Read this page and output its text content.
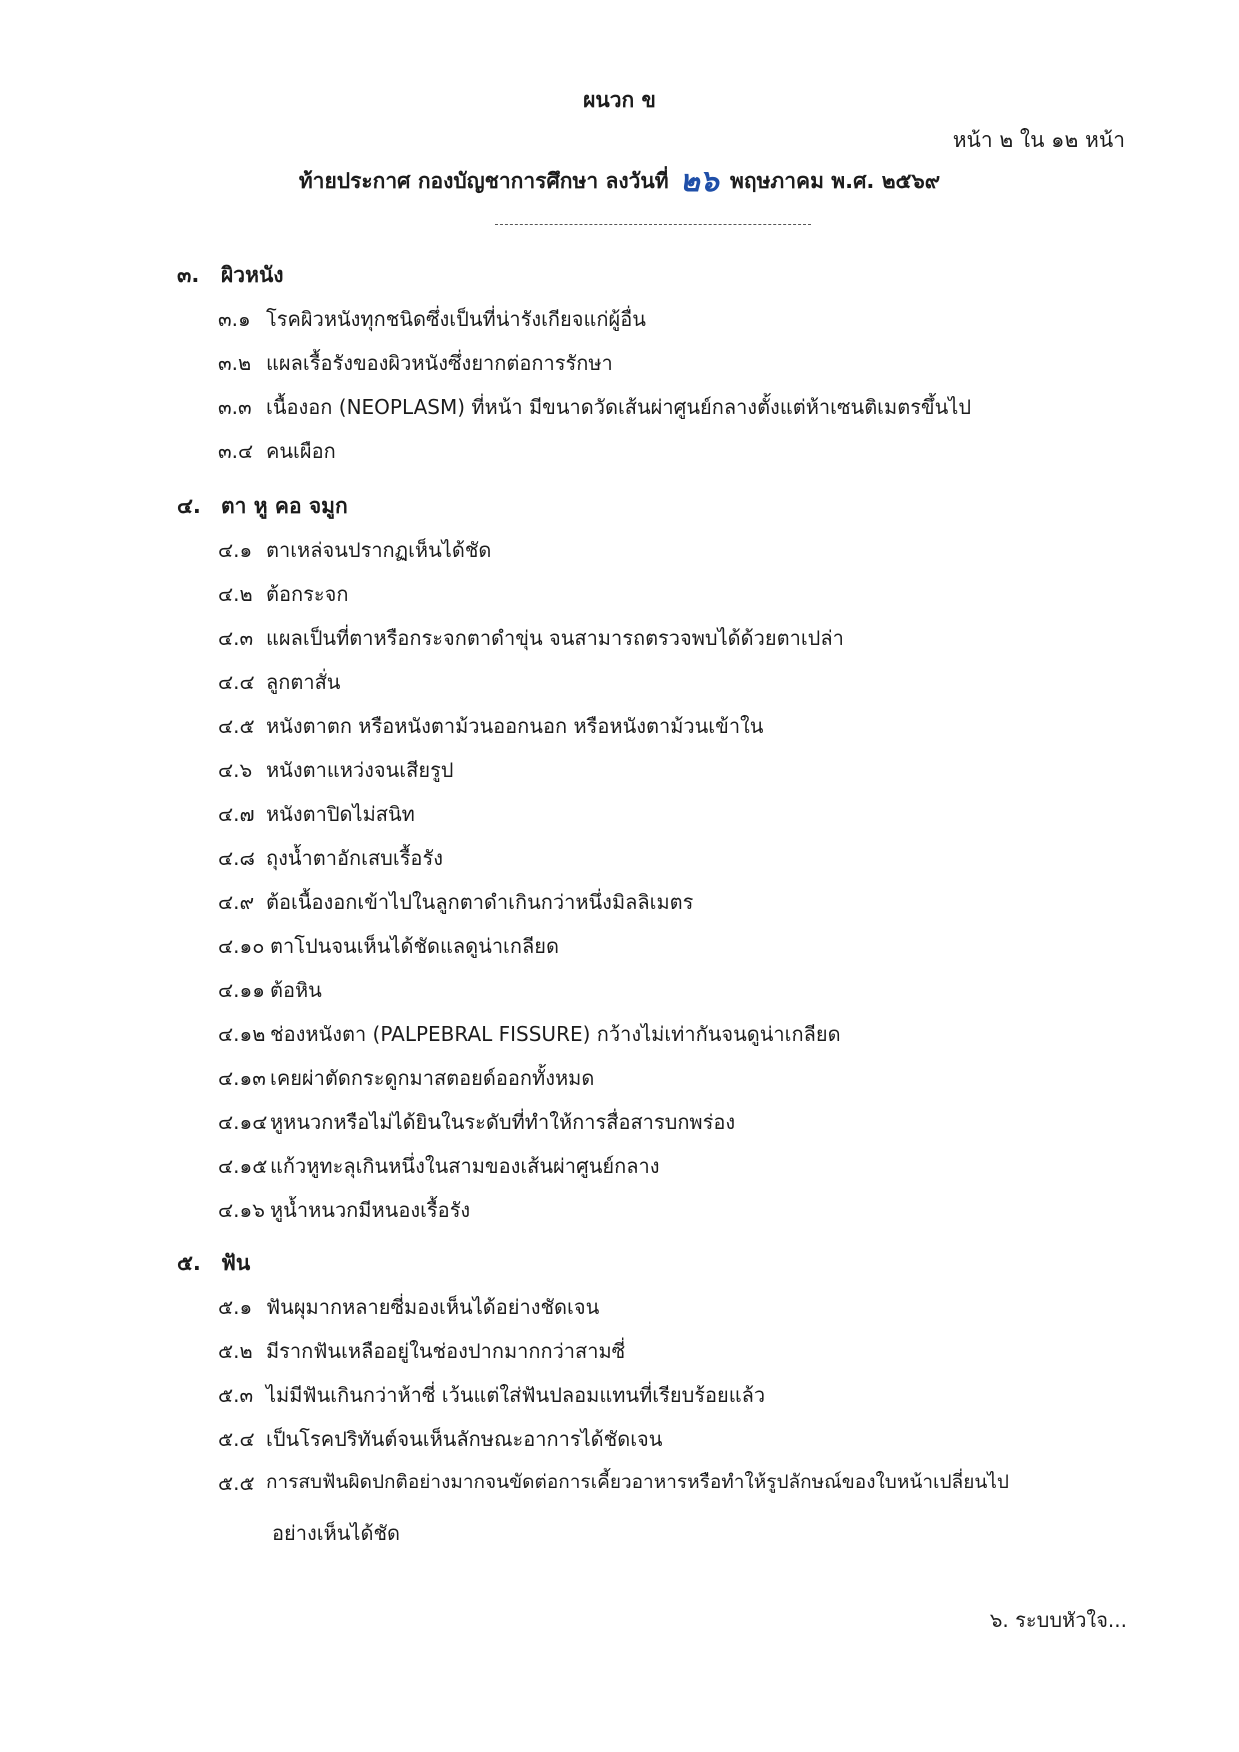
ผนวก ข
หน้า ๒ ใน ๑๒ หน้า
ท้ายประกาศ กองบัญชาการศึกษา ลงวันที่ ๒๖ พฤษภาคม พ.ศ. ๒๕๖๙
๓.	ผิวหนัง
๓.๑ โรคผิวหนังทุกชนิดซึ่งเป็นที่น่ารังเกียจแก่ผู้อื่น
๓.๒ แผลเรื้อรังของผิวหนังซึ่งยากต่อการรักษา
๓.๓ เนื้องอก (NEOPLASM) ที่หน้า มีขนาดวัดเส้นผ่าศูนย์กลางตั้งแต่ห้าเซนติเมตรขึ้นไป
๓.๔ คนเผือก
๔. ตา หู คอ จมูก
๔.๑ ตาเหล่จนปรากฏเห็นได้ชัด
๔.๒ ต้อกระจก
๔.๓ แผลเป็นที่ตาหรือกระจกตาดำขุ่น จนสามารถตรวจพบได้ด้วยตาเปล่า
๔.๔ ลูกตาสั่น
๔.๕ หนังตาตก หรือหนังตาม้วนออกนอก หรือหนังตาม้วนเข้าใน
๔.๖ หนังตาแหว่งจนเสียรูป
๔.๗ หนังตาปิดไม่สนิท
๔.๘ ถุงน้ำตาอักเสบเรื้อรัง
๔.๙ ต้อเนื้องอกเข้าไปในลูกตาดำเกินกว่าหนึ่งมิลลิเมตร
๔.๑๐ ตาโปนจนเห็นได้ชัดแลดูน่าเกลียด
๔.๑๑ ต้อหิน
๔.๑๒ ช่องหนังตา (PALPEBRAL FISSURE) กว้างไม่เท่ากันจนดูน่าเกลียด
๔.๑๓ เคยผ่าตัดกระดูกมาสตอยด์ออกทั้งหมด
๔.๑๔ หูหนวกหรือไม่ได้ยินในระดับที่ทำให้การสื่อสารบกพร่อง
๔.๑๕ แก้วหูทะลุเกินหนึ่งในสามของเส้นผ่าศูนย์กลาง
๔.๑๖ หูน้ำหนวกมีหนองเรื้อรัง
๕. ฟัน
๕.๑ ฟันผุมากหลายซี่มองเห็นได้อย่างชัดเจน
๕.๒ มีรากฟันเหลืออยู่ในช่องปากมากกว่าสามซี่
๕.๓ ไม่มีฟันเกินกว่าห้าซี่ เว้นแต่ใส่ฟันปลอมแทนที่เรียบร้อยแล้ว
๕.๔ เป็นโรคปริทันต์จนเห็นลักษณะอาการได้ชัดเจน
๕.๕ การสบฟันผิดปกติอย่างมากจนขัดต่อการเคี้ยวอาหารหรือทำให้รูปลักษณ์ของใบหน้าเปลี่ยนไป
อย่างเห็นได้ชัด
๖. ระบบหัวใจ...
